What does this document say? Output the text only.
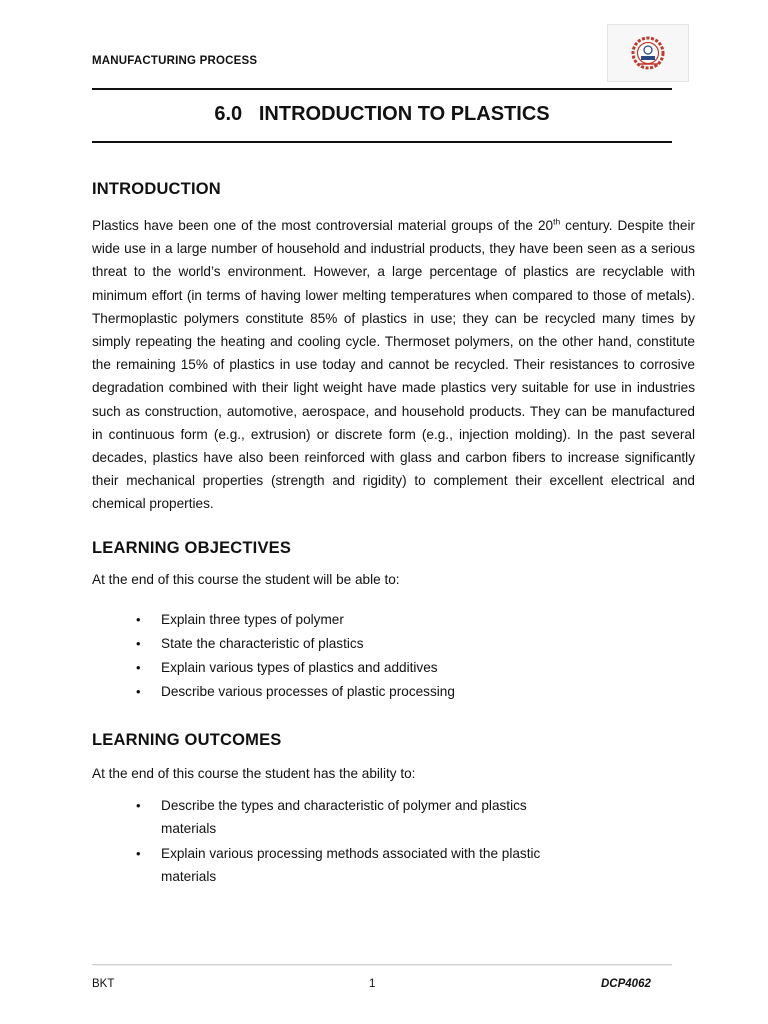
MANUFACTURING PROCESS
6.0 INTRODUCTION TO PLASTICS
INTRODUCTION

Plastics have been one of the most controversial material groups of the 20th century. Despite their wide use in a large number of household and industrial products, they have been seen as a serious threat to the world’s environment. However, a large percentage of plastics are recyclable with minimum effort (in terms of having lower melting temperatures when compared to those of metals). Thermoplastic polymers constitute 85% of plastics in use; they can be recycled many times by simply repeating the heating and cooling cycle. Thermoset polymers, on the other hand, constitute the remaining 15% of plastics in use today and cannot be recycled. Their resistances to corrosive degradation combined with their light weight have made plastics very suitable for use in industries such as construction, automotive, aerospace, and household products. They can be manufactured in continuous form (e.g., extrusion) or discrete form (e.g., injection molding). In the past several decades, plastics have also been reinforced with glass and carbon fibers to increase significantly their mechanical properties (strength and rigidity) to complement their excellent electrical and chemical properties.

LEARNING OBJECTIVES
At the end of this course the student will be able to:
• Explain three types of polymer
• State the characteristic of plastics
• Explain various types of plastics and additives
• Describe various processes of plastic processing
LEARNING OUTCOMES
At the end of this course the student has the ability to:
• Describe the types and characteristic of polymer and plastics materials
• Explain various processing methods associated with the plastic materials
BKT	1	DCP4062
